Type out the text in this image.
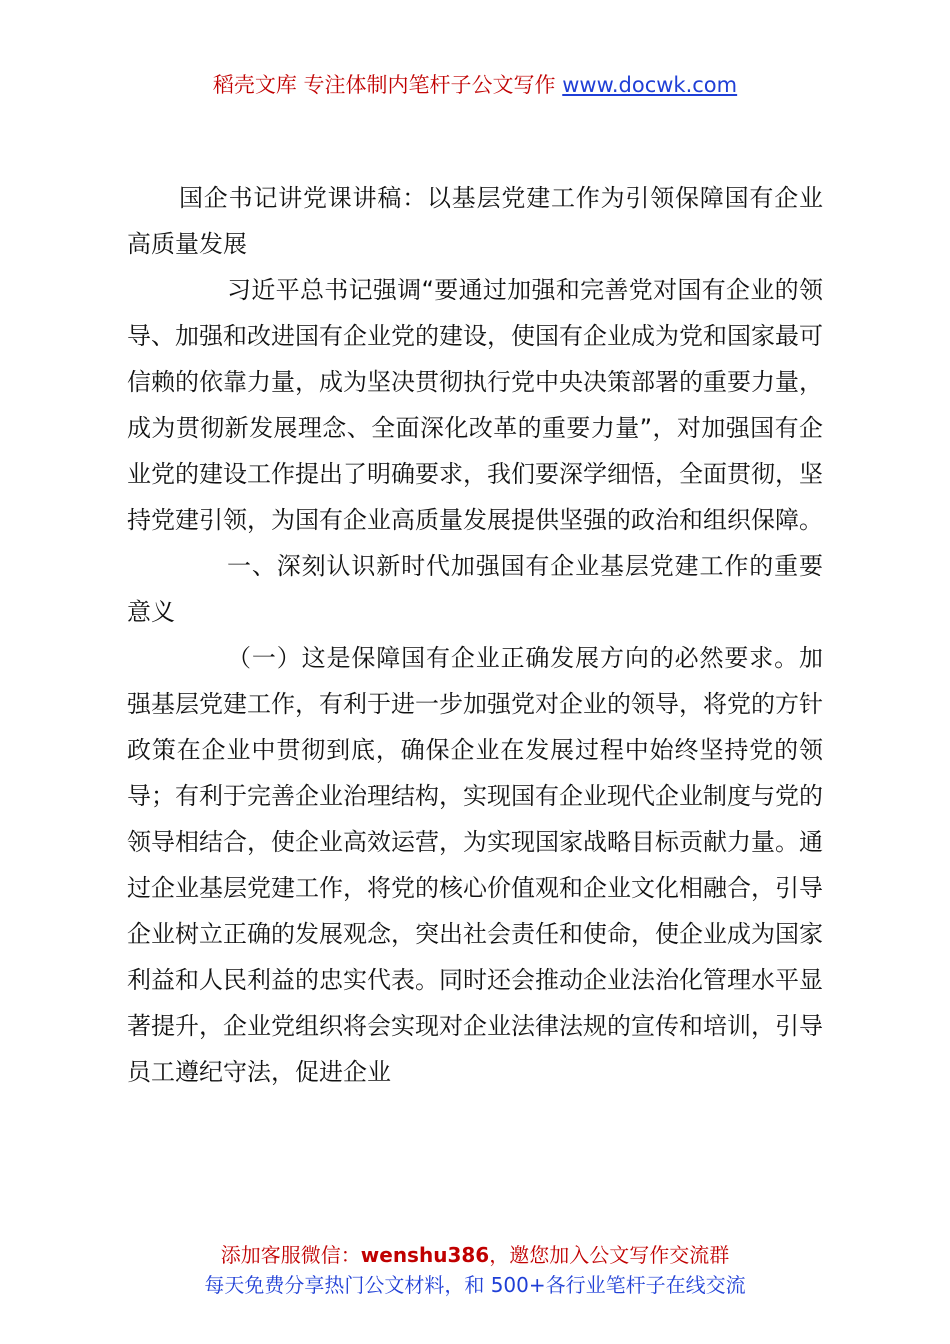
稻壳文库 专注体制内笔杆子公文写作 www.docwk.com

国企书记讲党课讲稿：以基层党建工作为引领保障国有企业高质量发展

习近平总书记强调“要通过加强和完善党对国有企业的领导、加强和改进国有企业党的建设，使国有企业成为党和国家最可信赖的依靠力量，成为坚决贯彻执行党中央决策部署的重要力量，成为贯彻新发展理念、全面深化改革的重要力量”，对加强国有企业党的建设工作提出了明确要求，我们要深学细悟，全面贯彻，坚持党建引领，为国有企业高质量发展提供坚强的政治和组织保障。

一、深刻认识新时代加强国有企业基层党建工作的重要意义

（一）这是保障国有企业正确发展方向的必然要求。加强基层党建工作，有利于进一步加强党对企业的领导，将党的方针政策在企业中贯彻到底，确保企业在发展过程中始终坚持党的领导；有利于完善企业治理结构，实现国有企业现代企业制度与党的领导相结合，使企业高效运营，为实现国家战略目标贡献力量。通过企业基层党建工作，将党的核心价值观和企业文化相融合，引导企业树立正确的发展观念，突出社会责任和使命，使企业成为国家利益和人民利益的忠实代表。同时还会推动企业法治化管理水平显著提升，企业党组织将会实现对企业法律法规的宣传和培训，引导员工遵纪守法，促进企业

添加客服微信：wenshu386，邀您加入公文写作交流群
每天免费分享热门公文材料，和 500+各行业笔杆子在线交流
